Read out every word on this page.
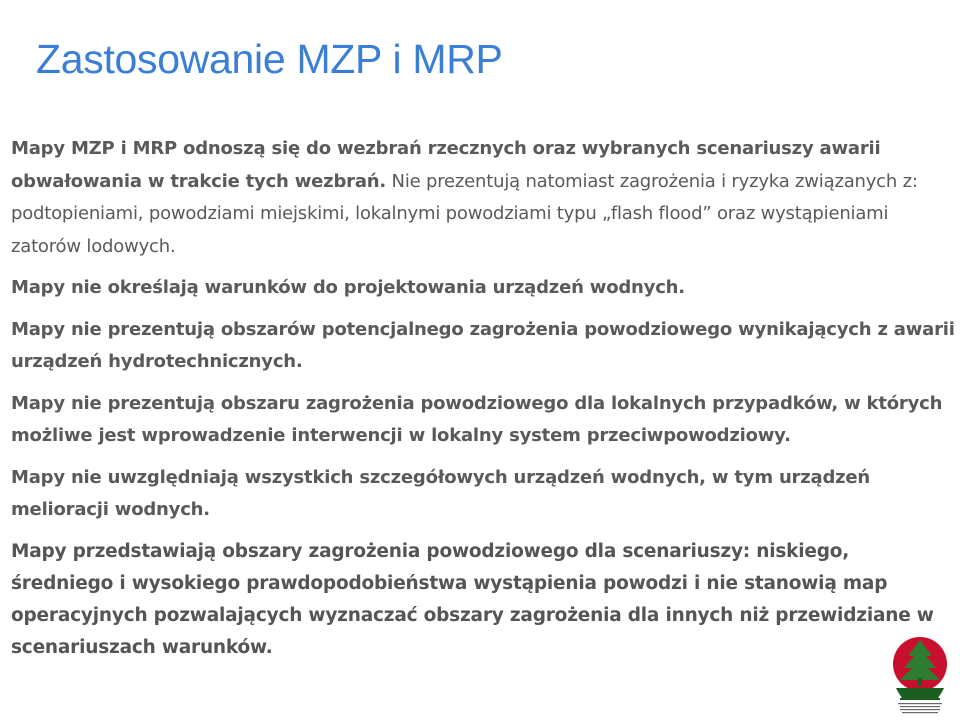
Zastosowanie MZP i MRP

Mapy MZP i MRP odnoszą się do wezbrań rzecznych oraz wybranych scenariuszy awarii obwałowania w trakcie tych wezbrań. Nie prezentują natomiast zagrożenia i ryzyka związanych z: podtopieniami, powodziami miejskimi, lokalnymi powodziami typu „flash flood” oraz wystąpieniami zatorów lodowych.

Mapy nie określają warunków do projektowania urządzeń wodnych.

Mapy nie prezentują obszarów potencjalnego zagrożenia powodziowego wynikających z awarii urządzeń hydrotechnicznych.

Mapy nie prezentują obszaru zagrożenia powodziowego dla lokalnych przypadków, w których możliwe jest wprowadzenie interwencji w lokalny system przeciwpowodziowy.

Mapy nie uwzględniają wszystkich szczegółowych urządzeń wodnych, w tym urządzeń melioracji wodnych.

Mapy przedstawiają obszary zagrożenia powodziowego dla scenariuszy: niskiego, średniego i wysokiego prawdopodobieństwa wystąpienia powodzi i nie stanowią map operacyjnych pozwalających wyznaczać obszary zagrożenia dla innych niż przewidziane w scenariuszach warunków.
